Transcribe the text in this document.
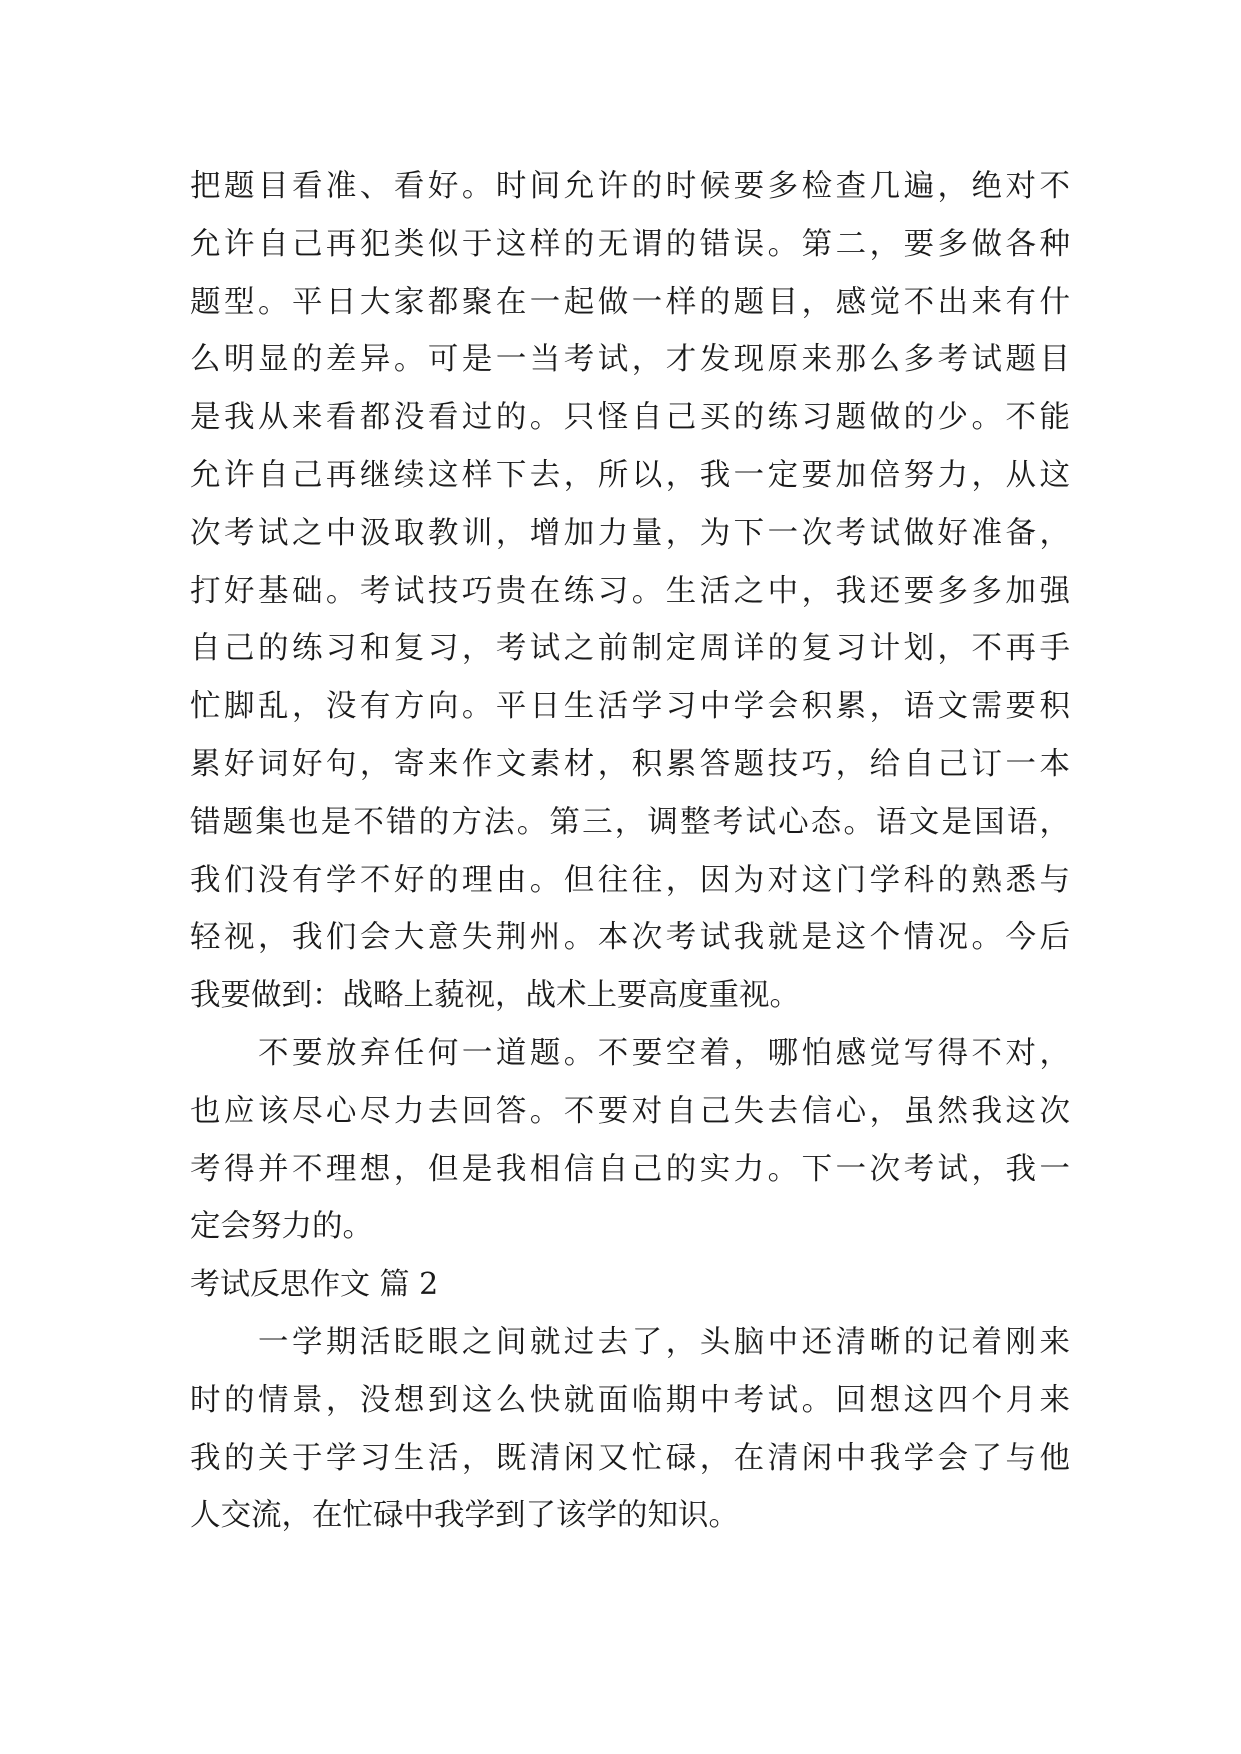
把题目看准、看好。时间允许的时候要多检查几遍，绝对不
允许自己再犯类似于这样的无谓的错误。第二，要多做各种
题型。平日大家都聚在一起做一样的题目，感觉不出来有什
么明显的差异。可是一当考试，才发现原来那么多考试题目
是我从来看都没看过的。只怪自己买的练习题做的少。不能
允许自己再继续这样下去，所以，我一定要加倍努力，从这
次考试之中汲取教训，增加力量，为下一次考试做好准备，
打好基础。考试技巧贵在练习。生活之中，我还要多多加强
自己的练习和复习，考试之前制定周详的复习计划，不再手
忙脚乱，没有方向。平日生活学习中学会积累，语文需要积
累好词好句，寄来作文素材，积累答题技巧，给自己订一本
错题集也是不错的方法。第三，调整考试心态。语文是国语，
我们没有学不好的理由。但往往，因为对这门学科的熟悉与
轻视，我们会大意失荆州。本次考试我就是这个情况。今后
我要做到：战略上藐视，战术上要高度重视。
不要放弃任何一道题。不要空着，哪怕感觉写得不对，
也应该尽心尽力去回答。不要对自己失去信心，虽然我这次
考得并不理想，但是我相信自己的实力。下一次考试，我一
定会努力的。
考试反思作文 篇 2
一学期活眨眼之间就过去了，头脑中还清晰的记着刚来
时的情景，没想到这么快就面临期中考试。回想这四个月来
我的关于学习生活，既清闲又忙碌，在清闲中我学会了与他
人交流，在忙碌中我学到了该学的知识。
